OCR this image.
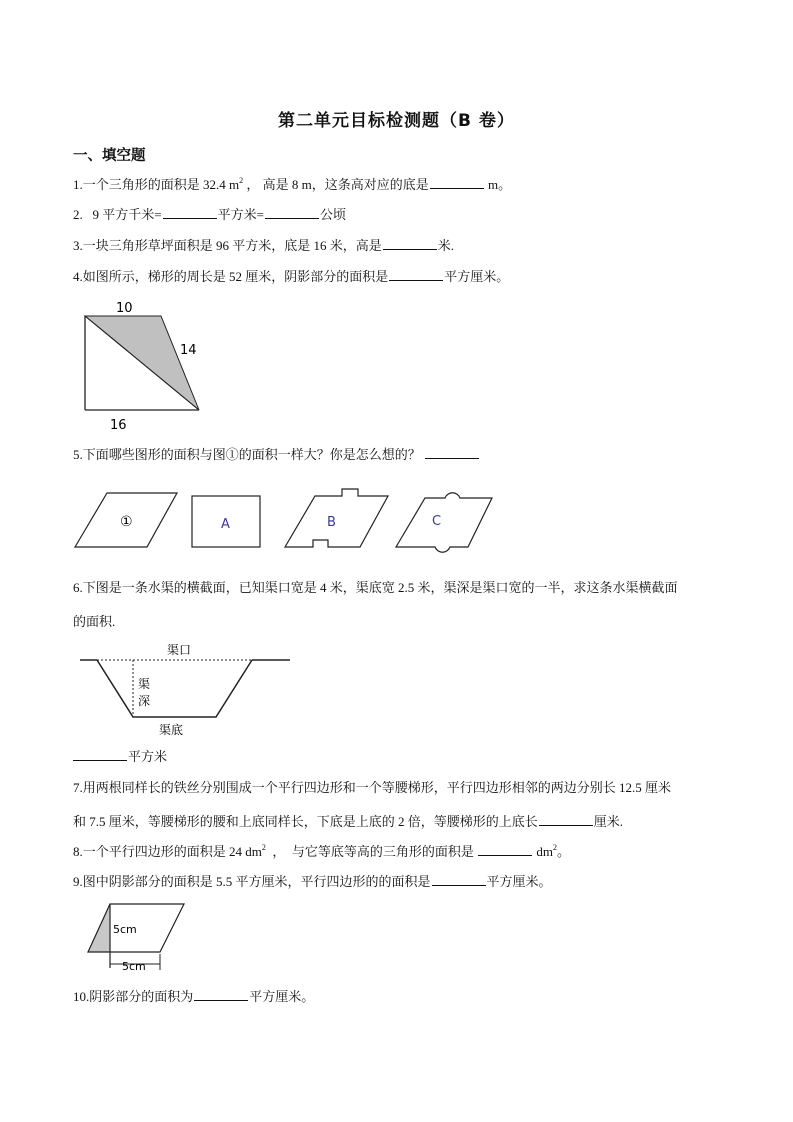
第二单元目标检测题（B 卷）
一、填空题
1.一个三角形的面积是 32.4 $m^2$ ， 高是 8 m，这条高对应的底是	m。
2.   9 平方千米=	平方米=	公顷
3.一块三角形草坪面积是 96 平方米，底是 16 米，高是	米.
4.如图所示，梯形的周长是 52 厘米，阴影部分的面积是	平方厘米。
10
14
16
5.下面哪些图形的面积与图①的面积一样大？你是怎么想的？
①	A	B	C
6.下图是一条水渠的横截面，已知渠口宽是 4 米，渠底宽 2.5 米，渠深是渠口宽的一半，求这条水渠横截面
的面积.
渠口
渠
深
渠底
平方米
7.用两根同样长的铁丝分别围成一个平行四边形和一个等腰梯形，平行四边形相邻的两边分别长 12.5 厘米
和 7.5 厘米，等腰梯形的腰和上底同样长，下底是上底的 2 倍，等腰梯形的上底长	厘米.
8.一个平行四边形的面积是 24 $dm^2$  ，  与它等底等高的三角形的面积是	$dm^2$。
9.图中阴影部分的面积是 5.5 平方厘米，平行四边形的的面积是	平方厘米。
5cm
5cm
10.阴影部分的面积为	平方厘米。
